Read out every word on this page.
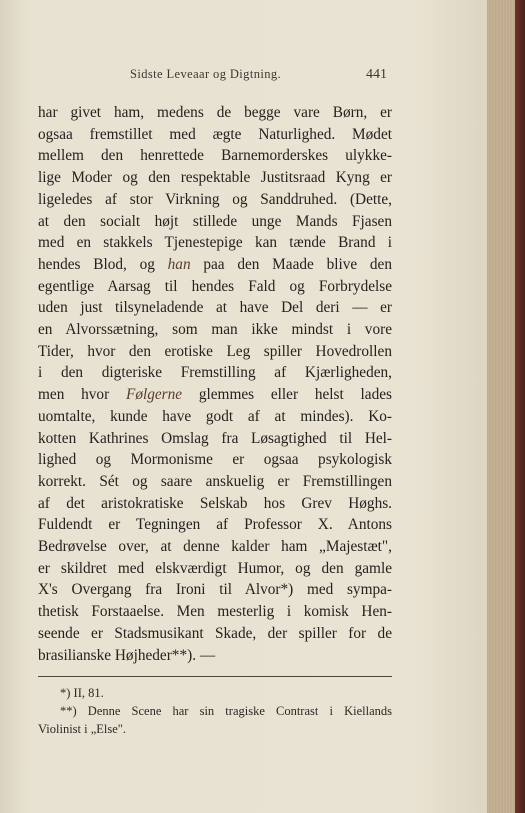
Sidste Leveaar og Digtning.	441
har givet ham, medens de begge vare Børn, er
ogsaa fremstillet med ægte Naturlighed. Mødet
mellem den henrettede Barnemorderskes ulykke-
lige Moder og den respektable Justitsraad Kyng er
ligeledes af stor Virkning og Sanddruhed. (Dette,
at den socialt højt stillede unge Mands Fjasen
med en stakkels Tjenestepige kan tænde Brand i
hendes Blod, og han paa den Maade blive den
egentlige Aarsag til hendes Fald og Forbrydelse
uden just tilsyneladende at have Del deri — er
en Alvorssætning, som man ikke mindst i vore
Tider, hvor den erotiske Leg spiller Hovedrollen
i den digteriske Fremstilling af Kjærligheden,
men hvor Følgerne glemmes eller helst lades
uomtalte, kunde have godt af at mindes). Ko-
kotten Kathrines Omslag fra Løsagtighed til Hel-
lighed og Mormonisme er ogsaa psykologisk
korrekt. Sét og saare anskuelig er Fremstillingen
af det aristokratiske Selskab hos Grev Høghs.
Fuldendt er Tegningen af Professor X. Antons
Bedrøvelse over, at denne kalder ham „Majestæt",
er skildret med elskværdigt Humor, og den gamle
X's Overgang fra Ironi til Alvor*) med sympa-
thetisk Forstaaelse. Men mesterlig i komisk Hen-
seende er Stadsmusikant Skade, der spiller for de
brasilianske Højheder**). —
*) II, 81.
**) Denne Scene har sin tragiske Contrast i Kiellands
Violinist i „Else".
